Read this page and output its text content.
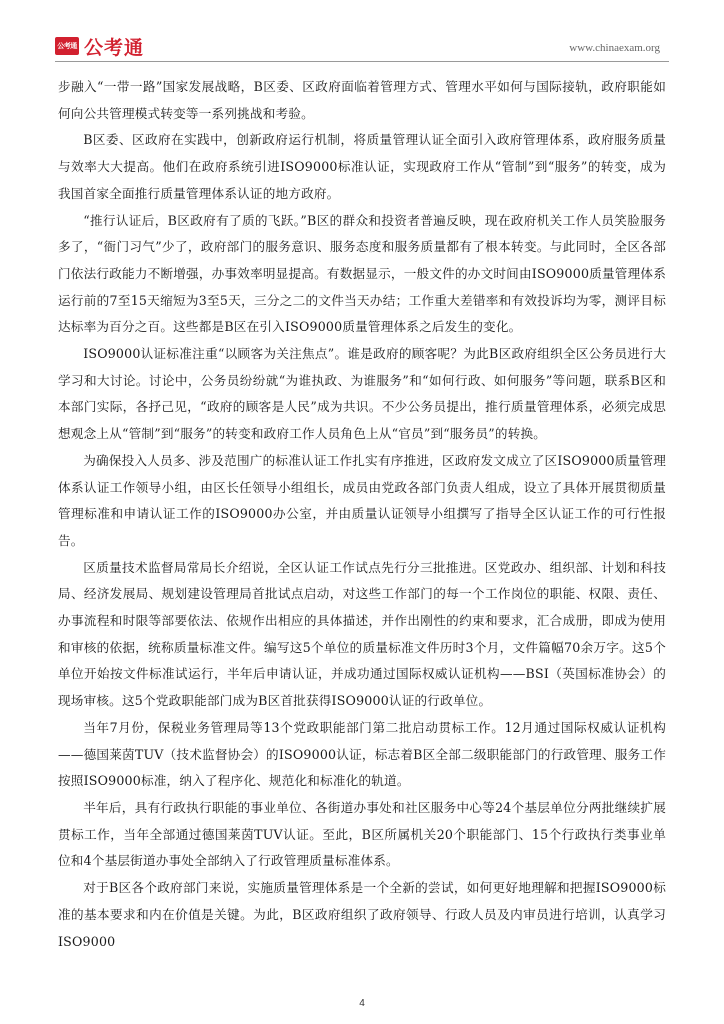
公考通 公考通	www.chinaexam.org

步融入“一带一路”国家发展战略，B区委、区政府面临着管理方式、管理水平如何与国际接轨，政府职能如何向公共管理模式转变等一系列挑战和考验。

B区委、区政府在实践中，创新政府运行机制，将质量管理认证全面引入政府管理体系，政府服务质量与效率大大提高。他们在政府系统引进ISO9000标准认证，实现政府工作从“管制”到“服务”的转变，成为我国首家全面推行质量管理体系认证的地方政府。

“推行认证后，B区政府有了质的飞跃。”B区的群众和投资者普遍反映，现在政府机关工作人员笑脸服务多了，“衙门习气”少了，政府部门的服务意识、服务态度和服务质量都有了根本转变。与此同时，全区各部门依法行政能力不断增强，办事效率明显提高。有数据显示，一般文件的办文时间由ISO9000质量管理体系运行前的7至15天缩短为3至5天，三分之二的文件当天办结；工作重大差错率和有效投诉均为零，测评目标达标率为百分之百。这些都是B区在引入ISO9000质量管理体系之后发生的变化。

ISO9000认证标准注重“以顾客为关注焦点”。谁是政府的顾客呢？为此B区政府组织全区公务员进行大学习和大讨论。讨论中，公务员纷纷就“为谁执政、为谁服务”和“如何行政、如何服务”等问题，联系B区和本部门实际，各抒己见，“政府的顾客是人民”成为共识。不少公务员提出，推行质量管理体系，必须完成思想观念上从“管制”到“服务”的转变和政府工作人员角色上从“官员”到“服务员”的转换。

为确保投入人员多、涉及范围广的标准认证工作扎实有序推进，区政府发文成立了区ISO9000质量管理体系认证工作领导小组，由区长任领导小组组长，成员由党政各部门负责人组成，设立了具体开展贯彻质量管理标准和申请认证工作的ISO9000办公室，并由质量认证领导小组撰写了指导全区认证工作的可行性报告。

区质量技术监督局常局长介绍说，全区认证工作试点先行分三批推进。区党政办、组织部、计划和科技局、经济发展局、规划建设管理局首批试点启动，对这些工作部门的每一个工作岗位的职能、权限、责任、办事流程和时限等部要依法、依规作出相应的具体描述，并作出刚性的约束和要求，汇合成册，即成为使用和审核的依据，统称质量标准文件。编写这5个单位的质量标准文件历时3个月，文件篇幅70余万字。这5个单位开始按文件标准试运行，半年后申请认证，并成功通过国际权威认证机构——BSI（英国标准协会）的现场审核。这5个党政职能部门成为B区首批获得ISO9000认证的行政单位。

当年7月份，保税业务管理局等13个党政职能部门第二批启动贯标工作。12月通过国际权威认证机构——德国莱茵TUV（技术监督协会）的ISO9000认证，标志着B区全部二级职能部门的行政管理、服务工作按照ISO9000标准，纳入了程序化、规范化和标准化的轨道。

半年后，具有行政执行职能的事业单位、各街道办事处和社区服务中心等24个基层单位分两批继续扩展贯标工作，当年全部通过德国莱茵TUV认证。至此，B区所属机关20个职能部门、15个行政执行类事业单位和4个基层街道办事处全部纳入了行政管理质量标准体系。

对于B区各个政府部门来说，实施质量管理体系是一个全新的尝试，如何更好地理解和把握ISO9000标准的基本要求和内在价值是关键。为此，B区政府组织了政府领导、行政人员及内审员进行培训，认真学习ISO9000

4
